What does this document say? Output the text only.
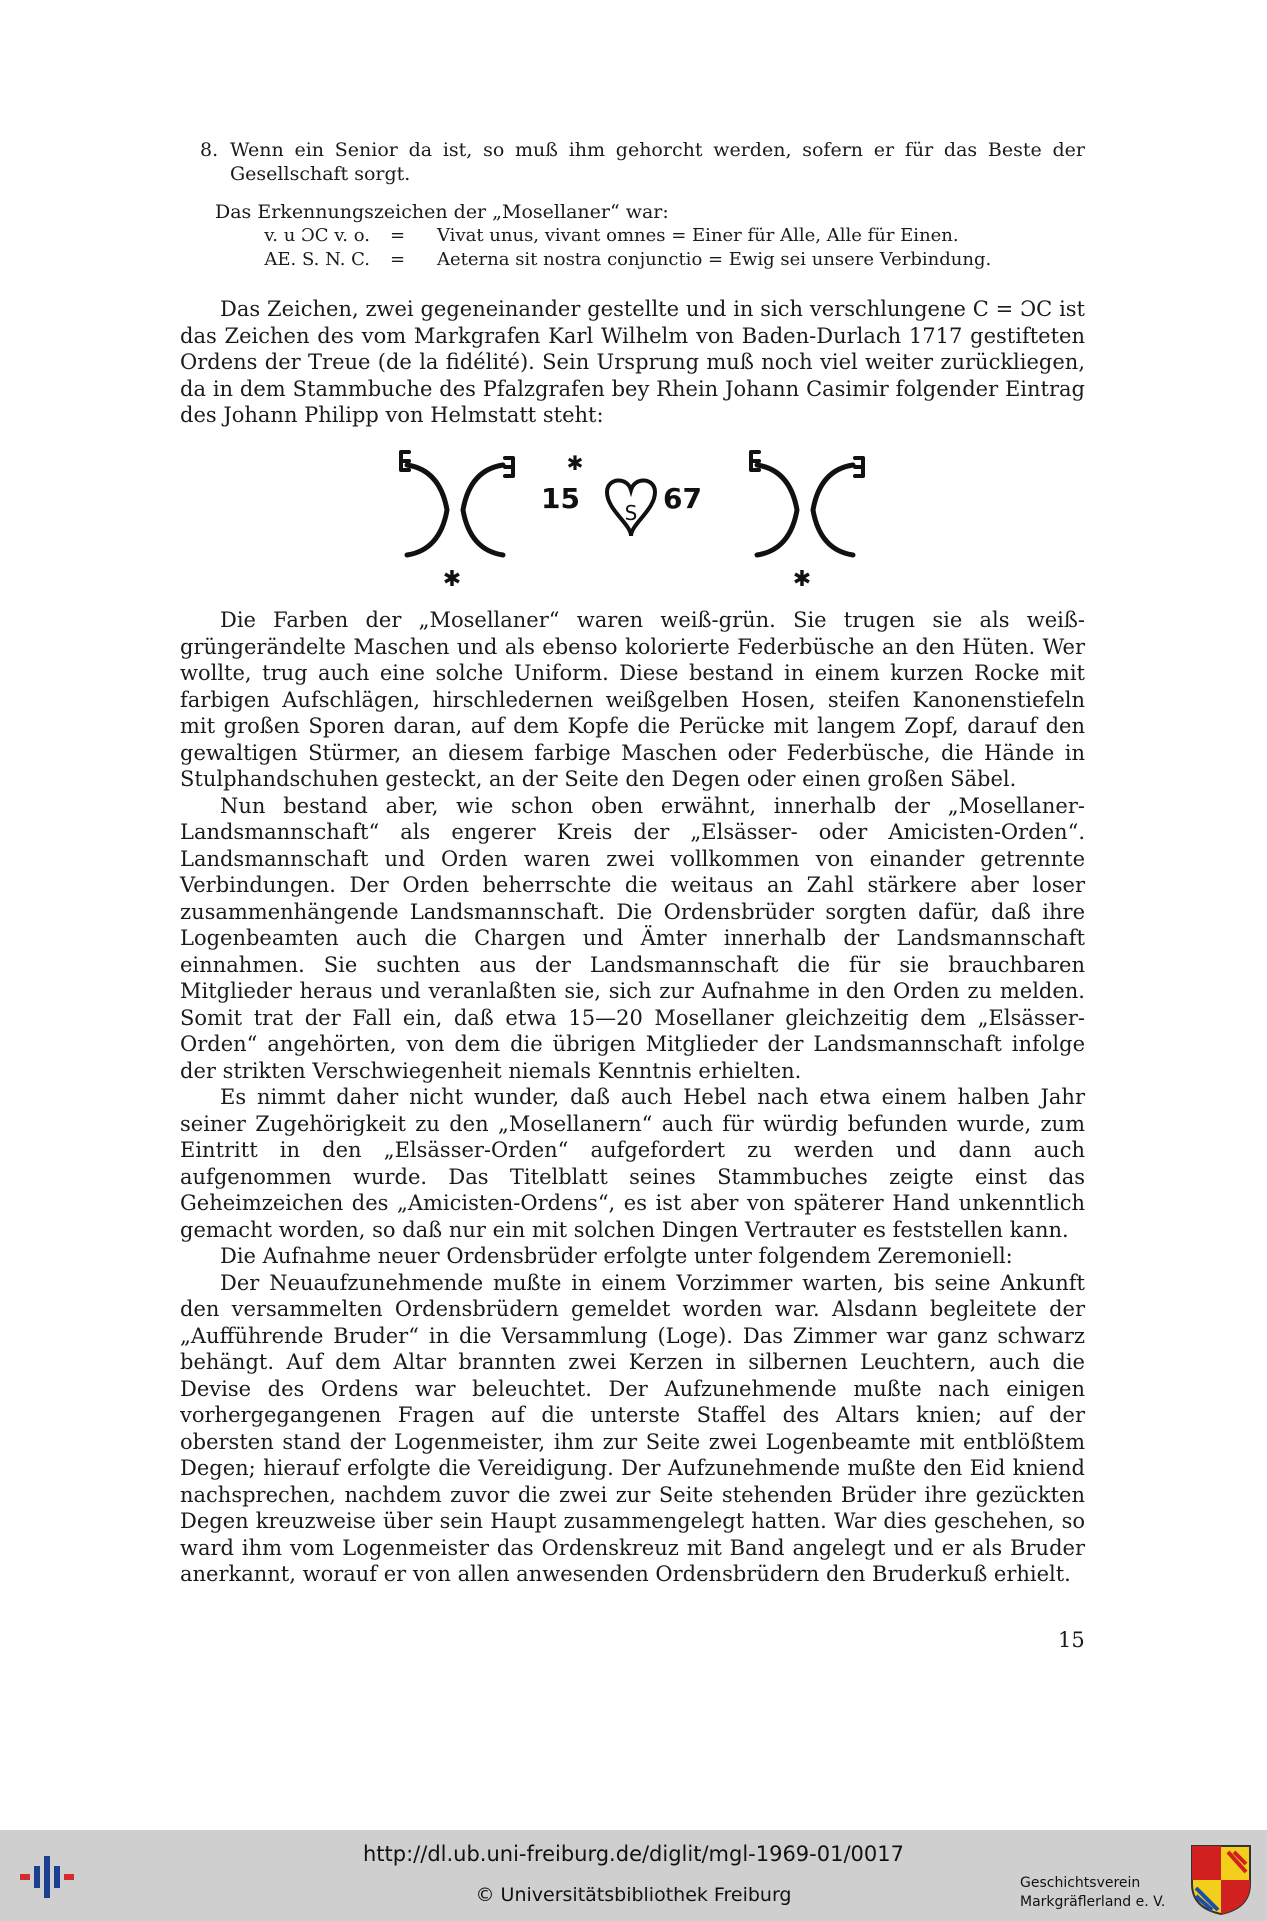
8. Wenn ein Senior da ist, so muß ihm gehorcht werden, sofern er für das Beste der Gesellschaft sorgt.
Das Erkennungszeichen der „Mosellaner“ war:
v. u ƆC v. o. = Vivat unus, vivant omnes = Einer für Alle, Alle für Einen.
AE. S. N. C. = Aeterna sit nostra conjunctio = Ewig sei unsere Verbindung.

Das Zeichen, zwei gegeneinander gestellte und in sich verschlungene C = ƆC ist das Zeichen des vom Markgrafen Karl Wilhelm von Baden-Durlach 1717 gestifteten Ordens der Treue (de la fidélité). Sein Ursprung muß noch viel weiter zurückliegen, da in dem Stammbuche des Pfalzgrafen bey Rhein Johann Casimir folgender Eintrag des Johann Philipp von Helmstatt steht:

✱
✱
15 S 67
✱

Die Farben der „Mosellaner“ waren weiß-grün. Sie trugen sie als weiß-grüngerändelte Maschen und als ebenso kolorierte Federbüsche an den Hüten. Wer wollte, trug auch eine solche Uniform. Diese bestand in einem kurzen Rocke mit farbigen Aufschlägen, hirschledernen weißgelben Hosen, steifen Kanonenstiefeln mit großen Sporen daran, auf dem Kopfe die Perücke mit langem Zopf, darauf den gewaltigen Stürmer, an diesem farbige Maschen oder Federbüsche, die Hände in Stulphandschuhen gesteckt, an der Seite den Degen oder einen großen Säbel.

Nun bestand aber, wie schon oben erwähnt, innerhalb der „Mosellaner-Landsmannschaft“ als engerer Kreis der „Elsässer- oder Amicisten-Orden“. Landsmannschaft und Orden waren zwei vollkommen von einander getrennte Verbindungen. Der Orden beherrschte die weitaus an Zahl stärkere aber loser zusammenhängende Landsmannschaft. Die Ordensbrüder sorgten dafür, daß ihre Logenbeamten auch die Chargen und Ämter innerhalb der Landsmannschaft einnahmen. Sie suchten aus der Landsmannschaft die für sie brauchbaren Mitglieder heraus und veranlaßten sie, sich zur Aufnahme in den Orden zu melden. Somit trat der Fall ein, daß etwa 15—20 Mosellaner gleichzeitig dem „Elsässer-Orden“ angehörten, von dem die übrigen Mitglieder der Landsmannschaft infolge der strikten Verschwiegenheit niemals Kenntnis erhielten.

Es nimmt daher nicht wunder, daß auch Hebel nach etwa einem halben Jahr seiner Zugehörigkeit zu den „Mosellanern“ auch für würdig befunden wurde, zum Eintritt in den „Elsässer-Orden“ aufgefordert zu werden und dann auch aufgenommen wurde. Das Titelblatt seines Stammbuches zeigte einst das Geheimzeichen des „Amicisten-Ordens“, es ist aber von späterer Hand unkenntlich gemacht worden, so daß nur ein mit solchen Dingen Vertrauter es feststellen kann.

Die Aufnahme neuer Ordensbrüder erfolgte unter folgendem Zeremoniell:

Der Neuaufzunehmende mußte in einem Vorzimmer warten, bis seine Ankunft den versammelten Ordensbrüdern gemeldet worden war. Alsdann begleitete der „Aufführende Bruder“ in die Versammlung (Loge). Das Zimmer war ganz schwarz behängt. Auf dem Altar brannten zwei Kerzen in silbernen Leuchtern, auch die Devise des Ordens war beleuchtet. Der Aufzunehmende mußte nach einigen vorhergegangenen Fragen auf die unterste Staffel des Altars knien; auf der obersten stand der Logenmeister, ihm zur Seite zwei Logenbeamte mit entblößtem Degen; hierauf erfolgte die Vereidigung. Der Aufzunehmende mußte den Eid kniend nachsprechen, nachdem zuvor die zwei zur Seite stehenden Brüder ihre gezückten Degen kreuzweise über sein Haupt zusammengelegt hatten. War dies geschehen, so ward ihm vom Logenmeister das Ordenskreuz mit Band angelegt und er als Bruder anerkannt, worauf er von allen anwesenden Ordensbrüdern den Bruderkuß erhielt.

15
http://dl.ub.uni-freiburg.de/diglit/mgl-1969-01/0017
© Universitätsbibliothek Freiburg
Geschichtsverein
Markgräflerland e. V.
